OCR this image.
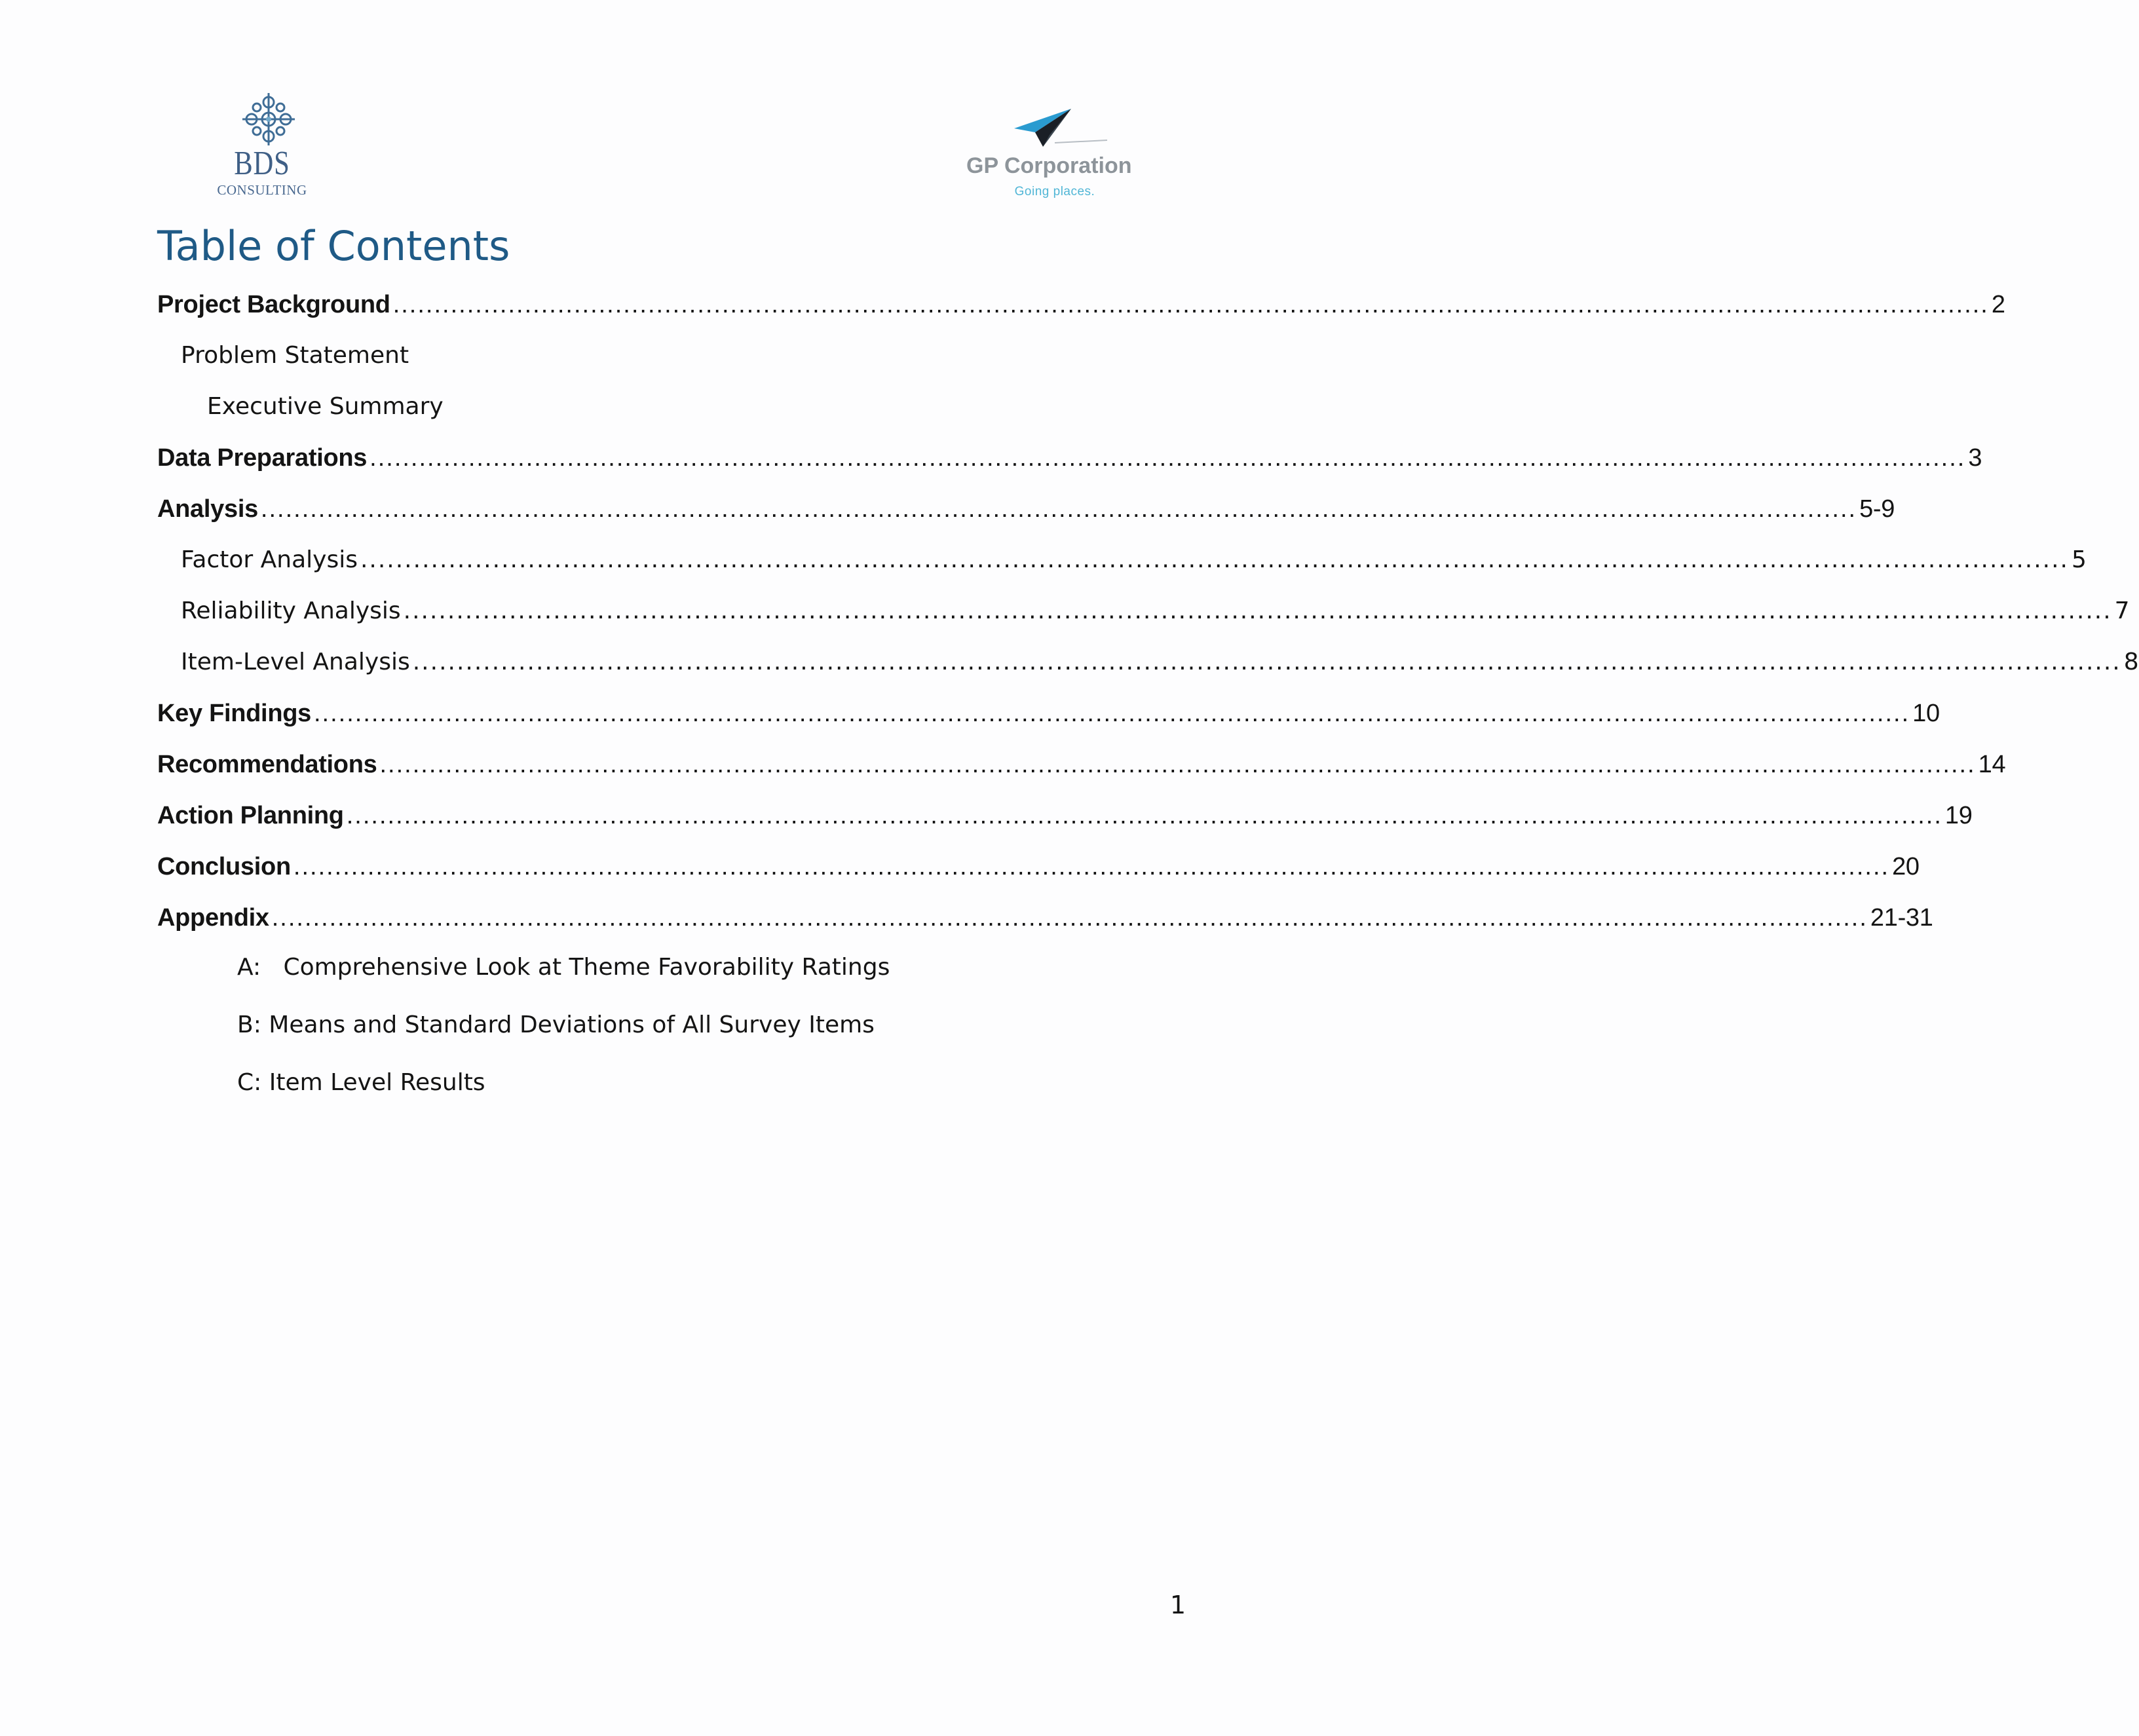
BDS
CONSULTING
GP Corporation
Going places.
Table of Contents
Project Background .................................................................................................................................................................................................. 2
Problem Statement
Executive Summary
Data Preparations .................................................................................................................................................................................................. 3
Analysis .................................................................................................................................................................................................. 5-9
Factor Analysis .................................................................................................................................................................................................. 5
Reliability Analysis .................................................................................................................................................................................................. 7
Item-Level Analysis .................................................................................................................................................................................................. 8
Key Findings .................................................................................................................................................................................................. 10
Recommendations .................................................................................................................................................................................................. 14
Action Planning .................................................................................................................................................................................................. 19
Conclusion .................................................................................................................................................................................................. 20
Appendix .................................................................................................................................................................................................. 21-31
A:   Comprehensive Look at Theme Favorability Ratings
B: Means and Standard Deviations of All Survey Items
C: Item Level Results
1
